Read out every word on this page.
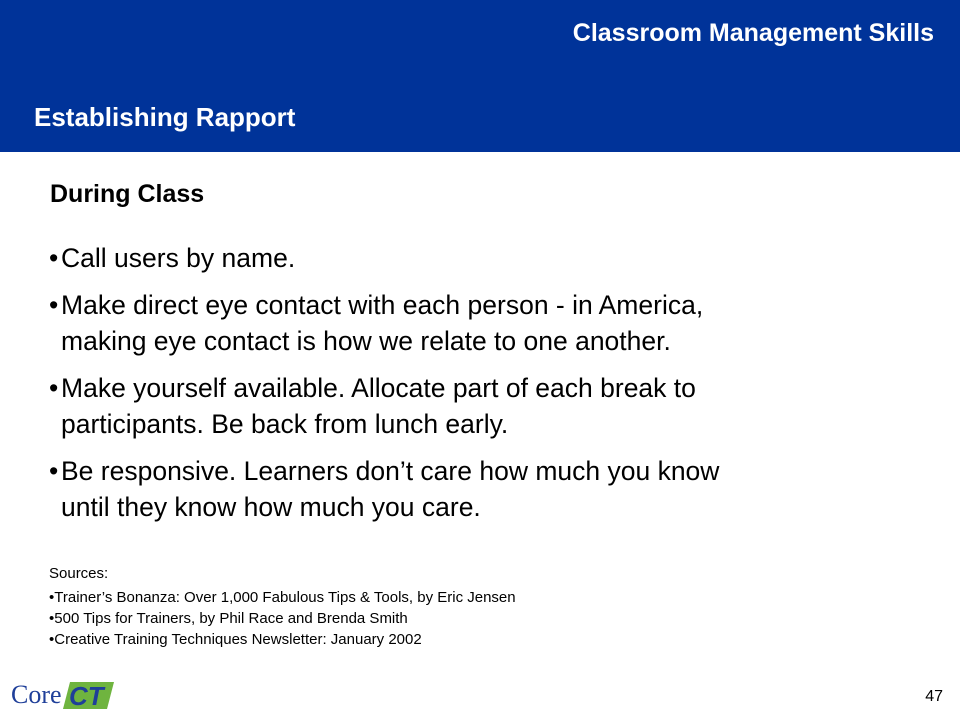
Classroom Management Skills
Establishing Rapport
During Class
• Call users by name.
• Make direct eye contact with each person - in America,
making eye contact is how we relate to one another.
• Make yourself available. Allocate part of each break to
participants. Be back from lunch early.
• Be responsive. Learners don’t care how much you know
until they know how much you care.
Sources:
•Trainer’s Bonanza: Over 1,000 Fabulous Tips & Tools, by Eric Jensen
•500 Tips for Trainers, by Phil Race and Brenda Smith
•Creative Training Techniques Newsletter: January 2002
Core CT	47
